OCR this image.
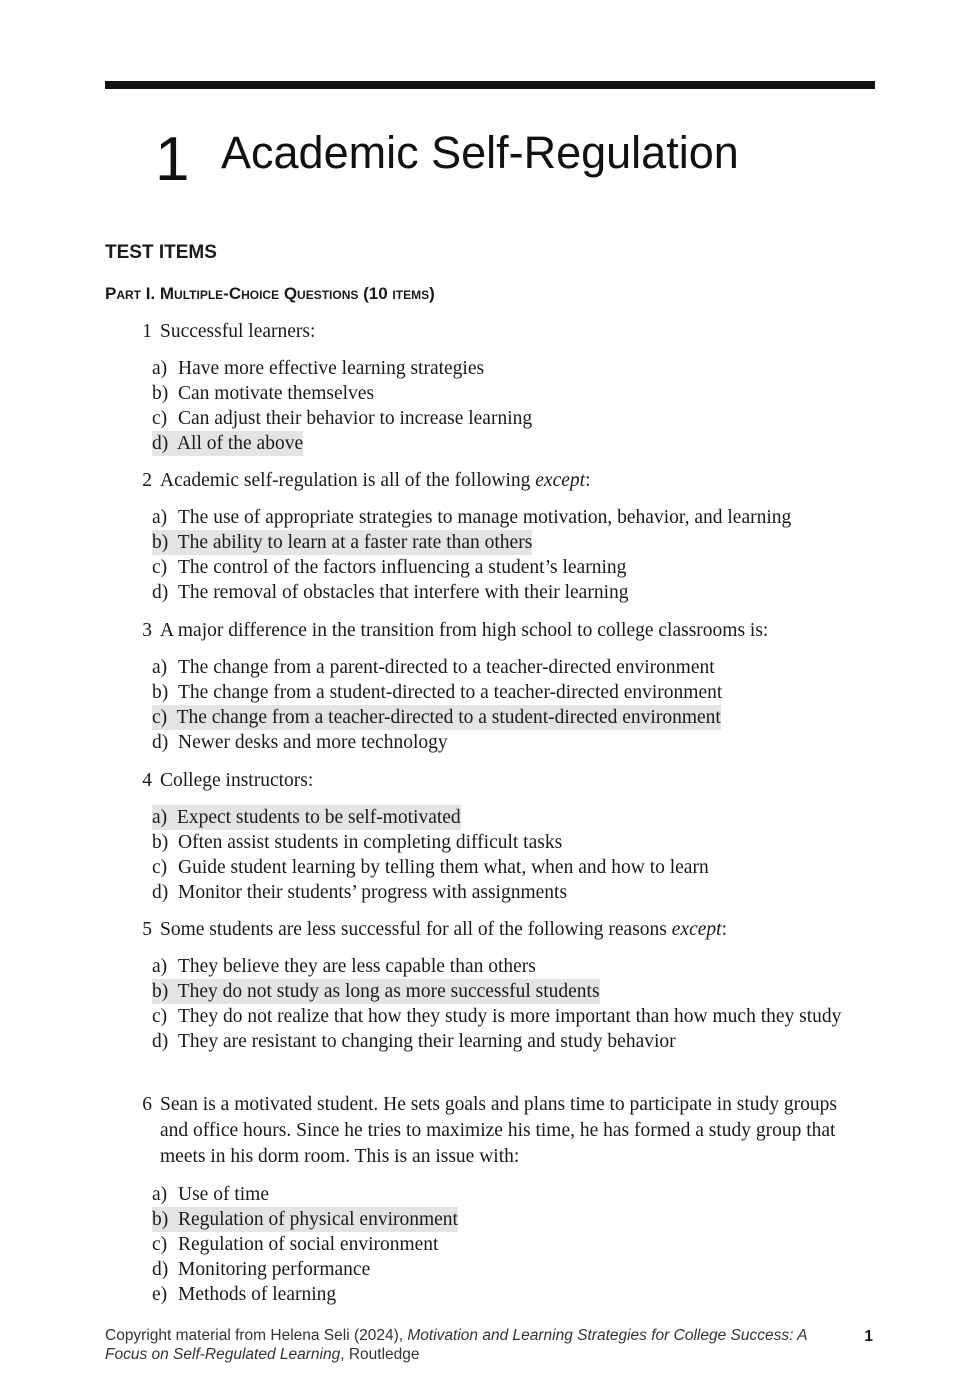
1 Academic Self-Regulation
TEST ITEMS
Part I. Multiple-Choice Questions (10 items)
1 Successful learners:
a) Have more effective learning strategies
b) Can motivate themselves
c) Can adjust their behavior to increase learning
d) All of the above
2 Academic self-regulation is all of the following except:
a) The use of appropriate strategies to manage motivation, behavior, and learning
b) The ability to learn at a faster rate than others
c) The control of the factors influencing a student’s learning
d) The removal of obstacles that interfere with their learning
3 A major difference in the transition from high school to college classrooms is:
a) The change from a parent-directed to a teacher-directed environment
b) The change from a student-directed to a teacher-directed environment
c) The change from a teacher-directed to a student-directed environment
d) Newer desks and more technology
4 College instructors:
a) Expect students to be self-motivated
b) Often assist students in completing difficult tasks
c) Guide student learning by telling them what, when and how to learn
d) Monitor their students’ progress with assignments
5 Some students are less successful for all of the following reasons except:
a) They believe they are less capable than others
b) They do not study as long as more successful students
c) They do not realize that how they study is more important than how much they study
d) They are resistant to changing their learning and study behavior
6 Sean is a motivated student. He sets goals and plans time to participate in study groups and office hours. Since he tries to maximize his time, he has formed a study group that meets in his dorm room. This is an issue with:
a) Use of time
b) Regulation of physical environment
c) Regulation of social environment
d) Monitoring performance
e) Methods of learning
Copyright material from Helena Seli (2024), Motivation and Learning Strategies for College Success: A Focus on Self-Regulated Learning, Routledge
1
